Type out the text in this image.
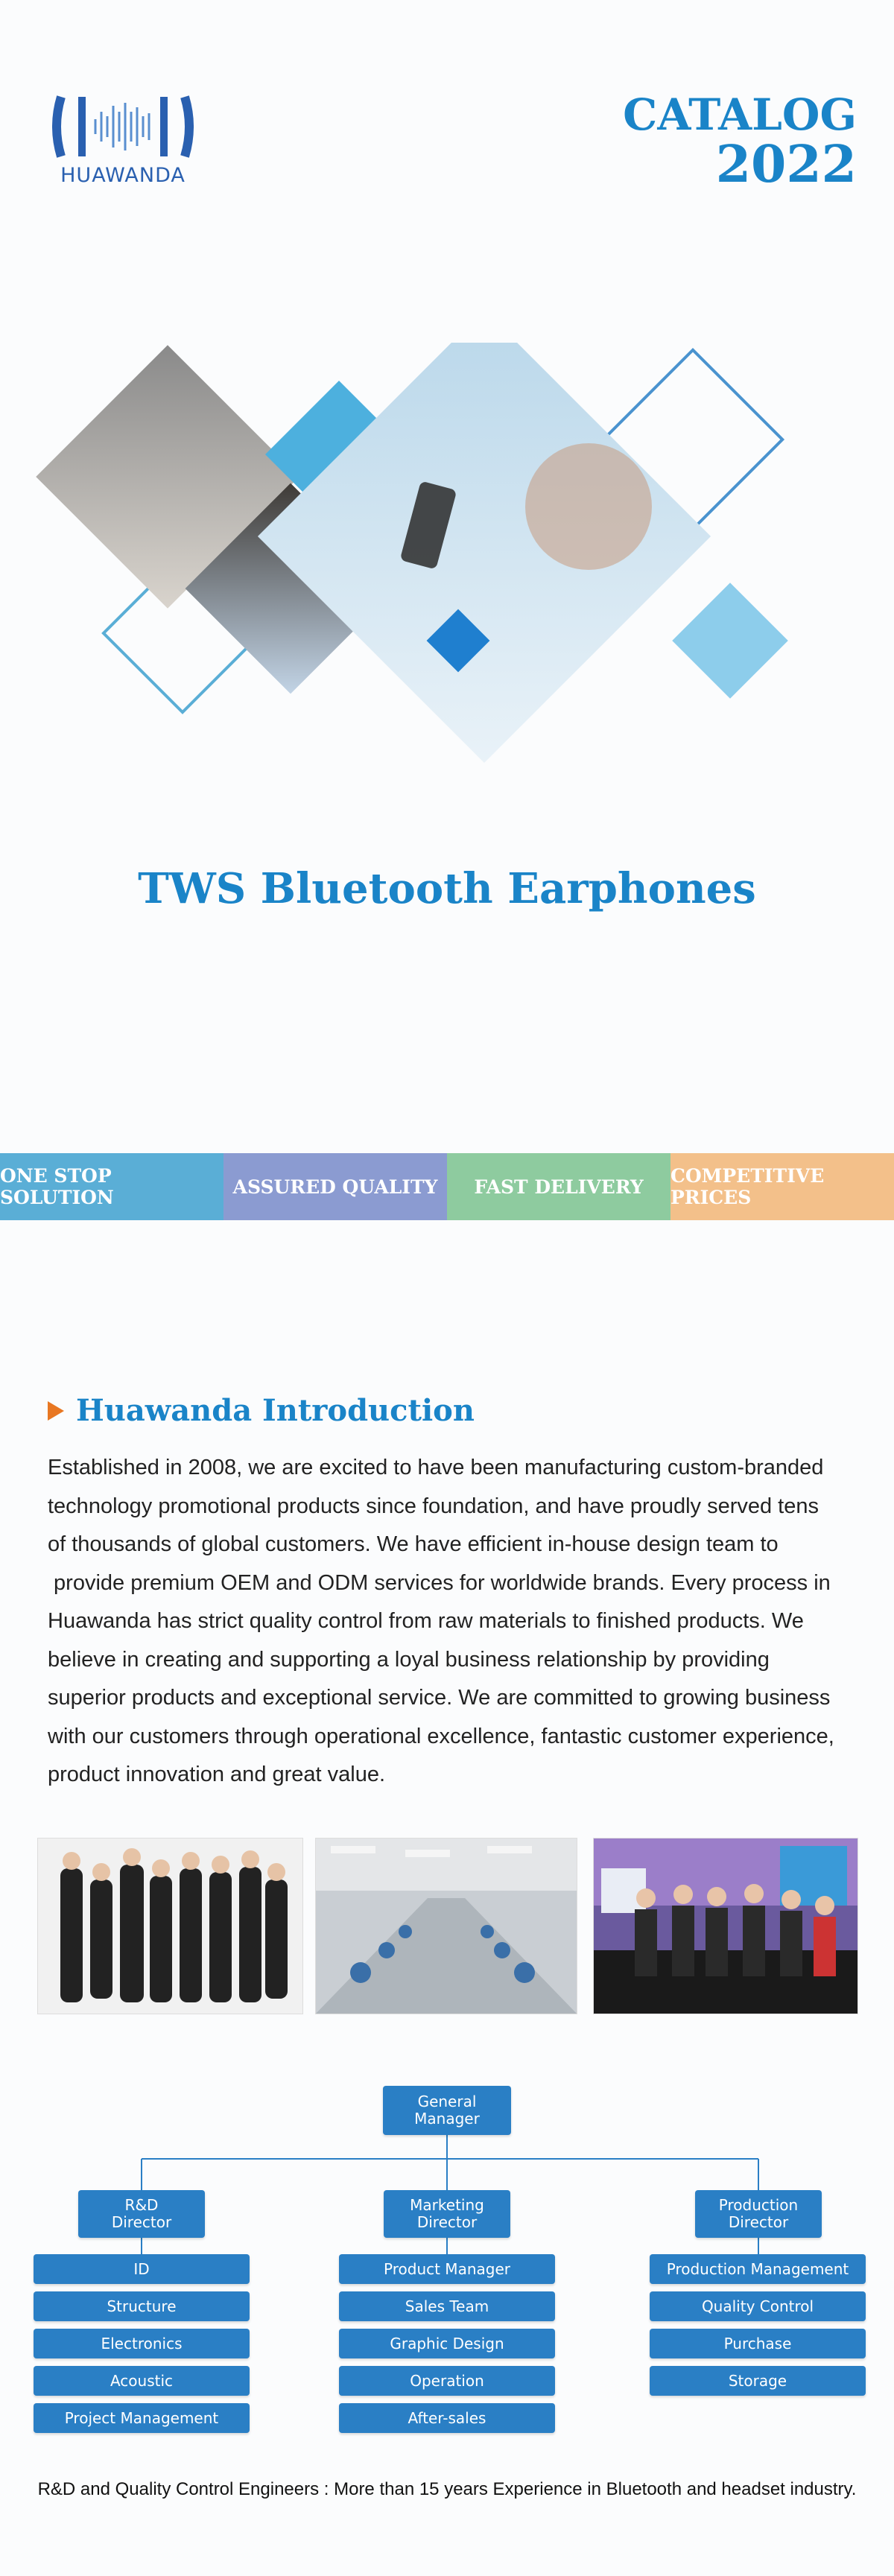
HUAWANDA
CATALOG
2022
TWS Bluetooth Earphones
ONE STOP SOLUTION	ASSURED QUALITY	FAST DELIVERY	COMPETITIVE PRICES
Huawanda Introduction
Established in 2008, we are excited to have been manufacturing custom-branded
technology promotional products since foundation, and have proudly served tens
of thousands of global customers. We have efficient in-house design team to
provide premium OEM and ODM services for worldwide brands. Every process in
Huawanda has strict quality control from raw materials to finished products. We
believe in creating and supporting a loyal business relationship by providing
superior products and exceptional service. We are committed to growing business
with our customers through operational excellence, fantastic customer experience,
product innovation and great value.
General Manager
R&D
Director
Marketing
Director
Production
Director
ID
Structure
Electronics
Acoustic
Project Management
Product Manager
Sales Team
Graphic Design
Operation
After-sales
Production Management
Quality Control
Purchase
Storage
R&D and Quality Control Engineers : More than 15 years Experience in Bluetooth and headset industry.
